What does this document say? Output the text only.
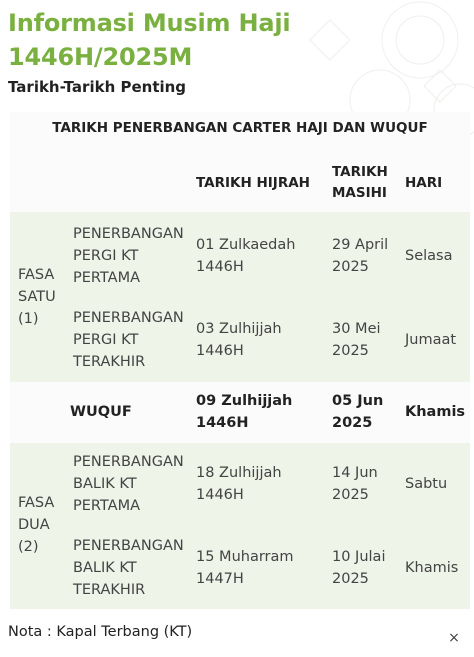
Informasi Musim Haji 1446H/2025M
Tarikh-Tarikh Penting
TARIKH PENERBANGAN CARTER HAJI DAN WUQUF
TARIKH HIJRAH
TARIKH MASIHI
HARI
FASA SATU (1)
PENERBANGAN PERGI KT PERTAMA
01 Zulkaedah 1446H
29 April 2025
Selasa
PENERBANGAN PERGI KT TERAKHIR
03 Zulhijjah 1446H
30 Mei 2025
Jumaat
WUQUF
09 Zulhijjah 1446H
05 Jun 2025
Khamis
FASA DUA (2)
PENERBANGAN BALIK KT PERTAMA
18 Zulhijjah 1446H
14 Jun 2025
Sabtu
PENERBANGAN BALIK KT TERAKHIR
15 Muharram 1447H
10 Julai 2025
Khamis

Nota : Kapal Terbang (KT)	×
